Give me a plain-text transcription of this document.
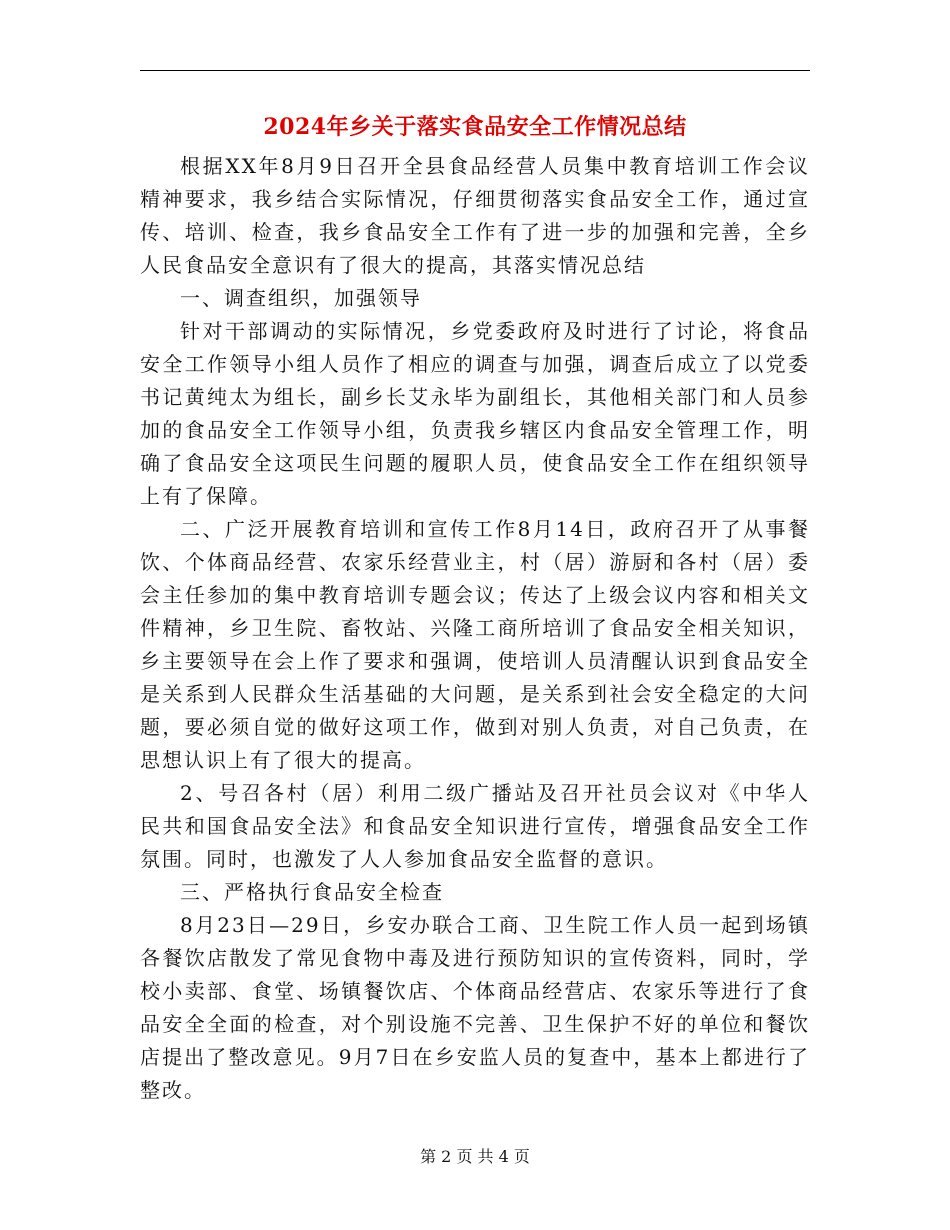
2024年乡关于落实食品安全工作情况总结

根据XX年8月9日召开全县食品经营人员集中教育培训工作会议精神要求，我乡结合实际情况，仔细贯彻落实食品安全工作，通过宣传、培训、检查，我乡食品安全工作有了进一步的加强和完善，全乡人民食品安全意识有了很大的提高，其落实情况总结

一、调查组织，加强领导

针对干部调动的实际情况，乡党委政府及时进行了讨论，将食品安全工作领导小组人员作了相应的调查与加强，调查后成立了以党委书记黄纯太为组长，副乡长艾永毕为副组长，其他相关部门和人员参加的食品安全工作领导小组，负责我乡辖区内食品安全管理工作，明确了食品安全这项民生问题的履职人员，使食品安全工作在组织领导上有了保障。

二、广泛开展教育培训和宣传工作8月14日，政府召开了从事餐饮、个体商品经营、农家乐经营业主，村（居）游厨和各村（居）委会主任参加的集中教育培训专题会议；传达了上级会议内容和相关文件精神，乡卫生院、畜牧站、兴隆工商所培训了食品安全相关知识，乡主要领导在会上作了要求和强调，使培训人员清醒认识到食品安全是关系到人民群众生活基础的大问题，是关系到社会安全稳定的大问题，要必须自觉的做好这项工作，做到对别人负责，对自己负责，在思想认识上有了很大的提高。

2、号召各村（居）利用二级广播站及召开社员会议对《中华人民共和国食品安全法》和食品安全知识进行宣传，增强食品安全工作氛围。同时，也激发了人人参加食品安全监督的意识。

三、严格执行食品安全检查

8月23日—29日，乡安办联合工商、卫生院工作人员一起到场镇各餐饮店散发了常见食物中毒及进行预防知识的宣传资料，同时，学校小卖部、食堂、场镇餐饮店、个体商品经营店、农家乐等进行了食品安全全面的检查，对个别设施不完善、卫生保护不好的单位和餐饮店提出了整改意见。9月7日在乡安监人员的复查中，基本上都进行了整改。

第 2 页 共 4 页
